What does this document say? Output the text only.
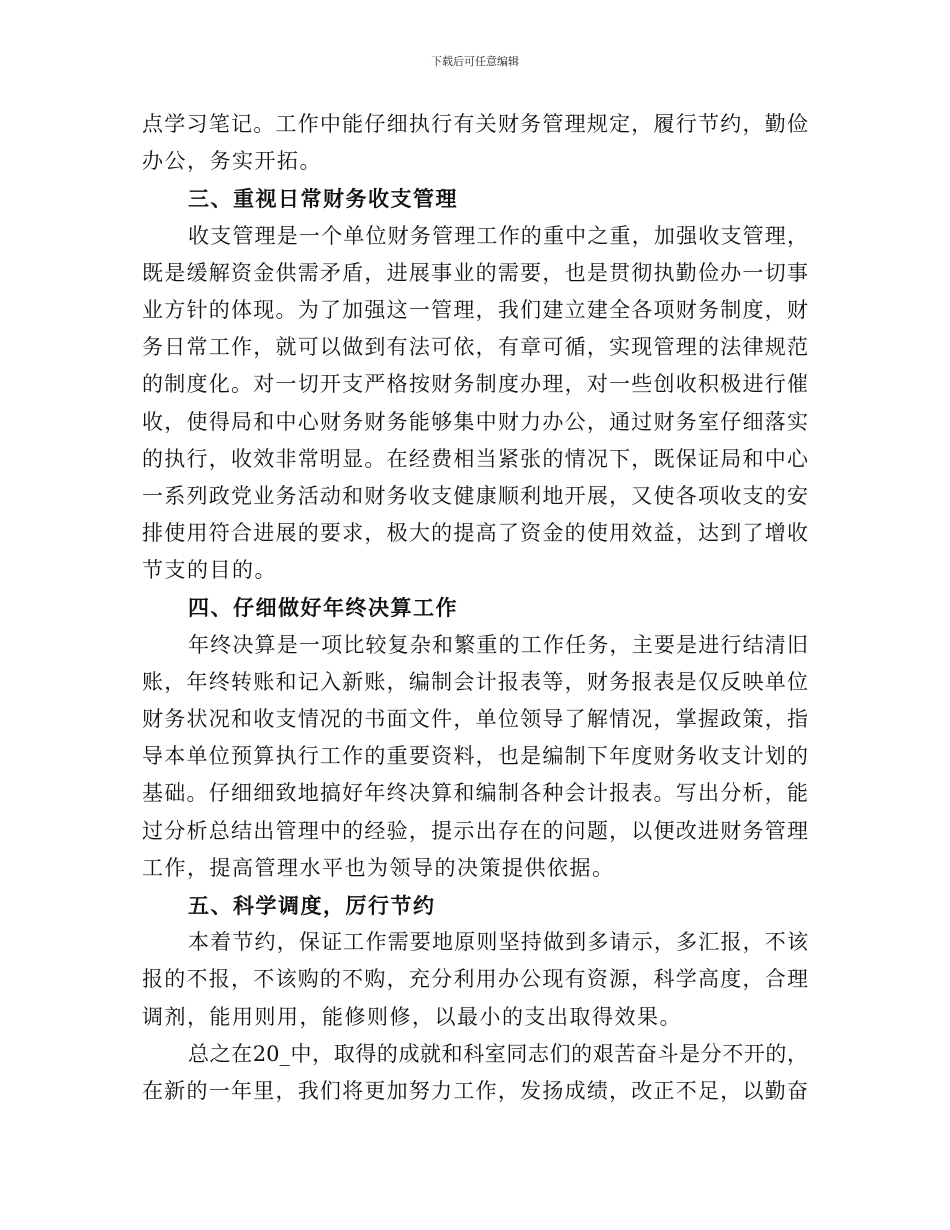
下载后可任意编辑
点学习笔记。工作中能仔细执行有关财务管理规定，履行节约，勤俭
办公，务实开拓。
三、重视日常财务收支管理
收支管理是一个单位财务管理工作的重中之重，加强收支管理，
既是缓解资金供需矛盾，进展事业的需要，也是贯彻执勤俭办一切事
业方针的体现。为了加强这一管理，我们建立建全各项财务制度，财
务日常工作，就可以做到有法可依，有章可循，实现管理的法律规范
的制度化。对一切开支严格按财务制度办理，对一些创收积极进行催
收，使得局和中心财务财务能够集中财力办公，通过财务室仔细落实
的执行，收效非常明显。在经费相当紧张的情况下，既保证局和中心
一系列政党业务活动和财务收支健康顺利地开展，又使各项收支的安
排使用符合进展的要求，极大的提高了资金的使用效益，达到了增收
节支的目的。
四、仔细做好年终决算工作
年终决算是一项比较复杂和繁重的工作任务，主要是进行结清旧
账，年终转账和记入新账，编制会计报表等，财务报表是仅反映单位
财务状况和收支情况的书面文件，单位领导了解情况，掌握政策，指
导本单位预算执行工作的重要资料，也是编制下年度财务收支计划的
基础。仔细细致地搞好年终决算和编制各种会计报表。写出分析，能
过分析总结出管理中的经验，提示出存在的问题，以便改进财务管理
工作，提高管理水平也为领导的决策提供依据。
五、科学调度，厉行节约
本着节约，保证工作需要地原则坚持做到多请示，多汇报，不该
报的不报，不该购的不购，充分利用办公现有资源，科学高度，合理
调剂，能用则用，能修则修，以最小的支出取得效果。
总之在20_中，取得的成就和科室同志们的艰苦奋斗是分不开的，
在新的一年里，我们将更加努力工作，发扬成绩，改正不足，以勤奋
